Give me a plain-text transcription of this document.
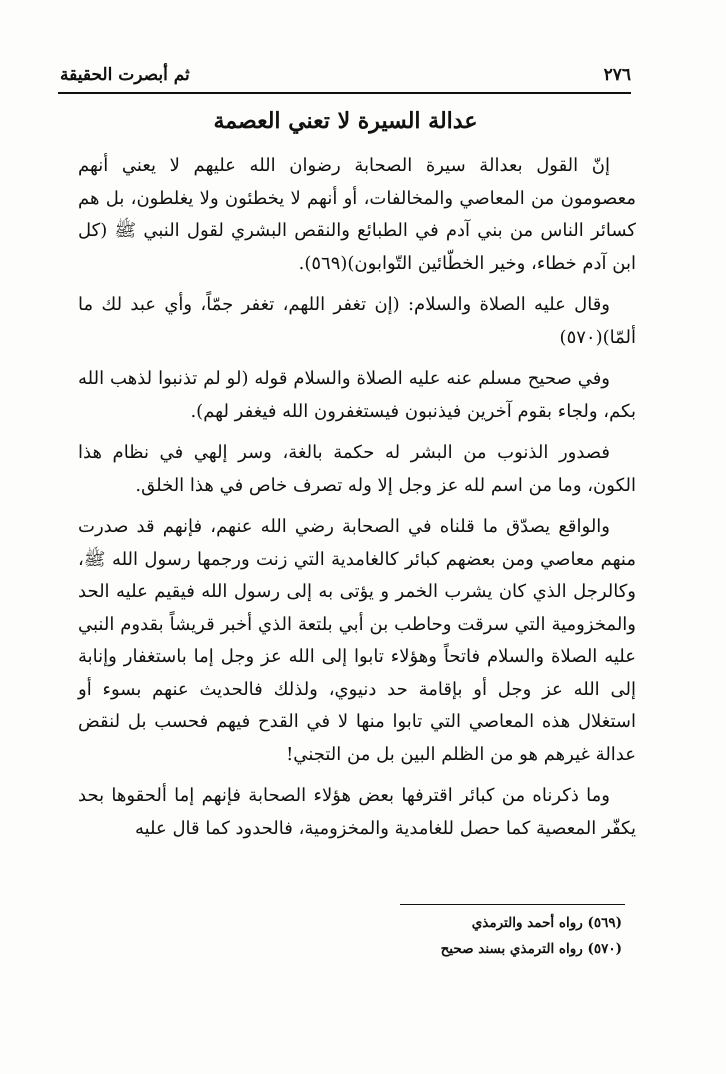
٢٧٦
ثم أبصرت الحقيقة
عدالة السيرة لا تعني العصمة

إنّ القول بعدالة سيرة الصحابة رضوان الله عليهم لا يعني أنهم معصومون من المعاصي والمخالفات، أو أنهم لا يخطئون ولا يغلطون، بل هم كسائر الناس من بني آدم في الطبائع والنقص البشري لقول النبي ﷺ (كل ابن آدم خطاء، وخير الخطّائين التّوابون)(٥٦٩).

وقال عليه الصلاة والسلام: (إن تغفر اللهم، تغفر جمّاً، وأي عبد لك ما ألمّا)(٥٧٠)

وفي صحيح مسلم عنه عليه الصلاة والسلام قوله (لو لم تذنبوا لذهب الله بكم، ولجاء بقوم آخرين فيذنبون فيستغفرون الله فيغفر لهم).

فصدور الذنوب من البشر له حكمة بالغة، وسر إلهي في نظام هذا الكون، وما من اسم لله عز وجل إلا وله تصرف خاص في هذا الخلق.

والواقع يصدّق ما قلناه في الصحابة رضي الله عنهم، فإنهم قد صدرت منهم معاصي ومن بعضهم كبائر كالغامدية التي زنت ورجمها رسول الله ﷺ، وكالرجل الذي كان يشرب الخمر و يؤتى به إلى رسول الله فيقيم عليه الحد والمخزومية التي سرقت وحاطب بن أبي بلتعة الذي أخبر قريشاً بقدوم النبي عليه الصلاة والسلام فاتحاً وهؤلاء تابوا إلى الله عز وجل إما باستغفار وإنابة إلى الله عز وجل أو بإقامة حد دنيوي، ولذلك فالحديث عنهم بسوء أو استغلال هذه المعاصي التي تابوا منها لا في القدح فيهم فحسب بل لنقض عدالة غيرهم هو من الظلم البين بل من التجني!

وما ذكرناه من كبائر اقترفها بعض هؤلاء الصحابة فإنهم إما ألحقوها بحد يكفّر المعصية كما حصل للغامدية والمخزومية، فالحدود كما قال عليه

(٥٦٩) رواه أحمد والترمذي
(٥٧٠) رواه الترمذي بسند صحيح
